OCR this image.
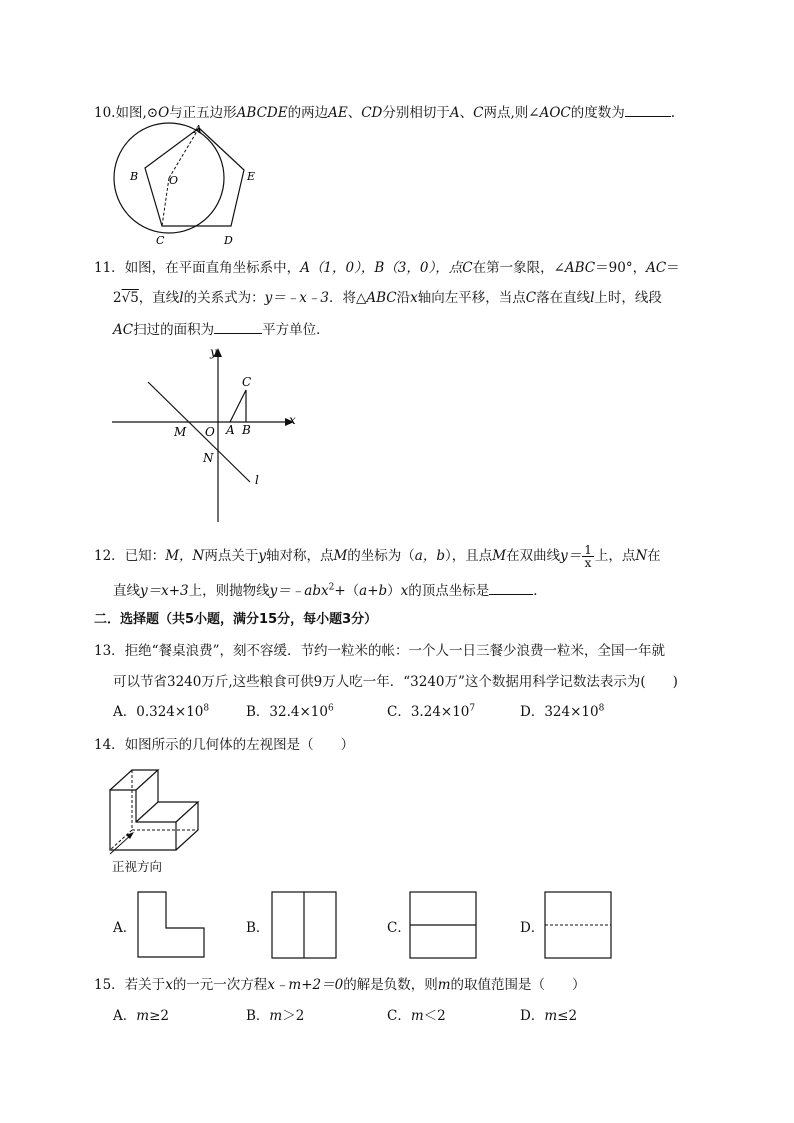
10.如图,⊙O与正五边形ABCDE的两边AE、CD分别相切于A、C两点,则∠AOC的度数为	.
A
B	O	E
C	D
11．如图，在平面直角坐标系中，A（1，0），B（3，0），点C在第一象限，∠ABC＝90°，AC＝
2√5，直线l的关系式为：y＝﹣x﹣3．将△ABC沿x轴向左平移，当点C落在直线l上时，线段
AC扫过的面积为	平方单位．
y
x
C
M O A B
N
l
12．已知：M，N两点关于y轴对称，点M的坐标为（a，b），且点M在双曲线$y= \frac{1}{x}$ 上，点N在
直线y＝x+3上，则抛物线y＝﹣abx$^2$+（a+b）x的顶点坐标是	．
二．选择题（共5小题，满分15分，每小题3分）
13．拒绝“餐桌浪费”，刻不容缓．节约一粒米的帐：一个人一日三餐少浪费一粒米，全国一年就
可以节省3240万斤,这些粮食可供9万人吃一年．“3240万”这个数据用科学记数法表示为(　　)
A．$0.324\times 10^8$	B．$32.4\times 10^6$	C．$3.24\times 10^7$	D．$324\times 10^8$
14．如图所示的几何体的左视图是（　　）
正视方向
A．	B．	C．	D．
15．若关于x的一元一次方程x﹣m+2＝0的解是负数，则m的取值范围是（　　）
A．m≥2	B．m＞2	C．m＜2	D．m≤2
